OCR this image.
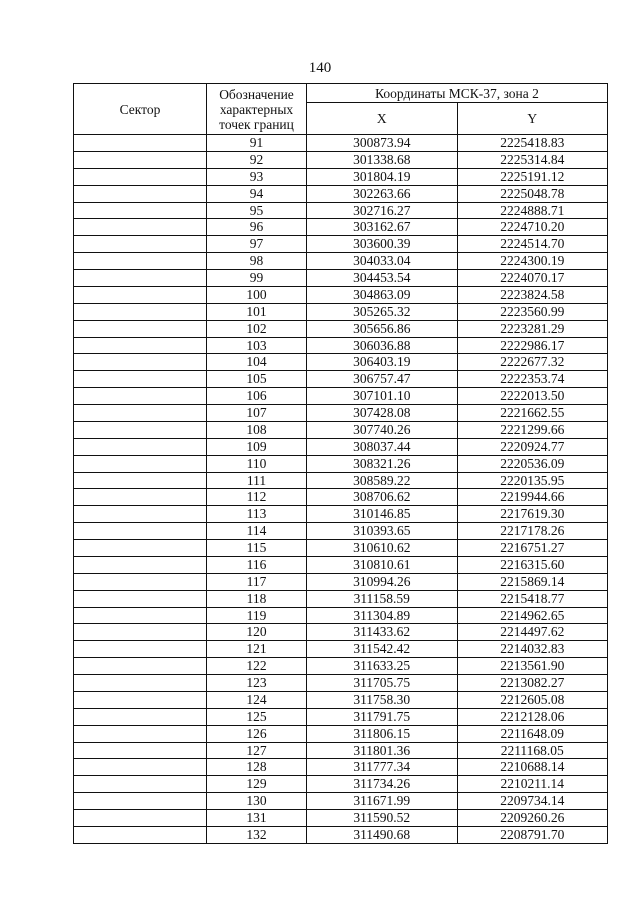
140
Сектор	Обозначение характерных точек границ	Координаты МСК-37, зона 2	
		X	Y
	91	300873.94	2225418.83
	92	301338.68	2225314.84
	93	301804.19	2225191.12
	94	302263.66	2225048.78
	95	302716.27	2224888.71
	96	303162.67	2224710.20
	97	303600.39	2224514.70
	98	304033.04	2224300.19
	99	304453.54	2224070.17
	100	304863.09	2223824.58
	101	305265.32	2223560.99
	102	305656.86	2223281.29
	103	306036.88	2222986.17
	104	306403.19	2222677.32
	105	306757.47	2222353.74
	106	307101.10	2222013.50
	107	307428.08	2221662.55
	108	307740.26	2221299.66
	109	308037.44	2220924.77
	110	308321.26	2220536.09
	111	308589.22	2220135.95
	112	308706.62	2219944.66
	113	310146.85	2217619.30
	114	310393.65	2217178.26
	115	310610.62	2216751.27
	116	310810.61	2216315.60
	117	310994.26	2215869.14
	118	311158.59	2215418.77
	119	311304.89	2214962.65
	120	311433.62	2214497.62
	121	311542.42	2214032.83
	122	311633.25	2213561.90
	123	311705.75	2213082.27
	124	311758.30	2212605.08
	125	311791.75	2212128.06
	126	311806.15	2211648.09
	127	311801.36	2211168.05
	128	311777.34	2210688.14
	129	311734.26	2210211.14
	130	311671.99	2209734.14
	131	311590.52	2209260.26
	132	311490.68	2208791.70
